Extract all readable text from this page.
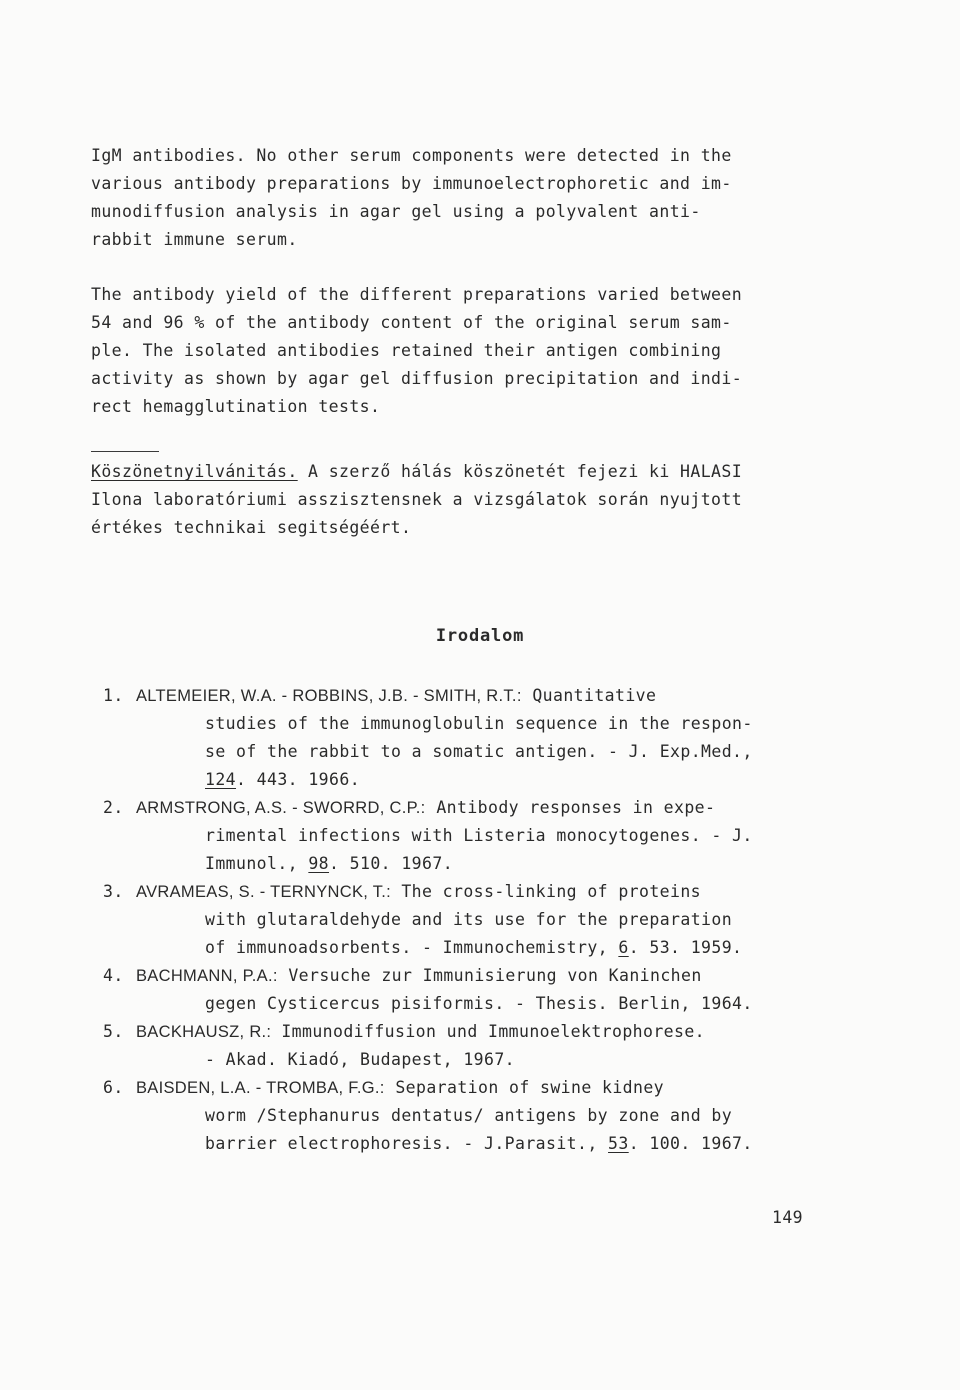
IgM antibodies. No other serum components were detected in the
various antibody preparations by immunoelectrophoretic and im-
munodiffusion analysis in agar gel using a polyvalent anti-
rabbit immune serum.

The antibody yield of the different preparations varied between
54 and 96 % of the antibody content of the original serum sam-
ple. The isolated antibodies retained their antigen combining
activity as shown by agar gel diffusion precipitation and indi-
rect hemagglutination tests.

Köszönetnyilvánitás. A szerző hálás köszönetét fejezi ki HALASI
Ilona laboratóriumi asszisztensnek a vizsgálatok során nyujtott
értékes technikai segitségéért.

Irodalom
1. ALTEMEIER, W.A. - ROBBINS, J.B. - SMITH, R.T.: Quantitative
studies of the immunoglobulin sequence in the respon-
se of the rabbit to a somatic antigen. - J. Exp.Med.,
124. 443. 1966.
2. ARMSTRONG, A.S. - SWORRD, C.P.: Antibody responses in expe-
rimental infections with Listeria monocytogenes. - J.
Immunol., 98. 510. 1967.
3. AVRAMEAS, S. - TERNYNCK, T.: The cross-linking of proteins
with glutaraldehyde and its use for the preparation
of immunoadsorbents. - Immunochemistry, 6. 53. 1959.
4. BACHMANN, P.A.: Versuche zur Immunisierung von Kaninchen
gegen Cysticercus pisiformis. - Thesis. Berlin, 1964.
5. BACKHAUSZ, R.: Immunodiffusion und Immunoelektrophorese.
- Akad. Kiadó, Budapest, 1967.
6. BAISDEN, L.A. - TROMBA, F.G.: Separation of swine kidney
worm /Stephanurus dentatus/ antigens by zone and by
barrier electrophoresis. - J.Parasit., 53. 100. 1967.
149
